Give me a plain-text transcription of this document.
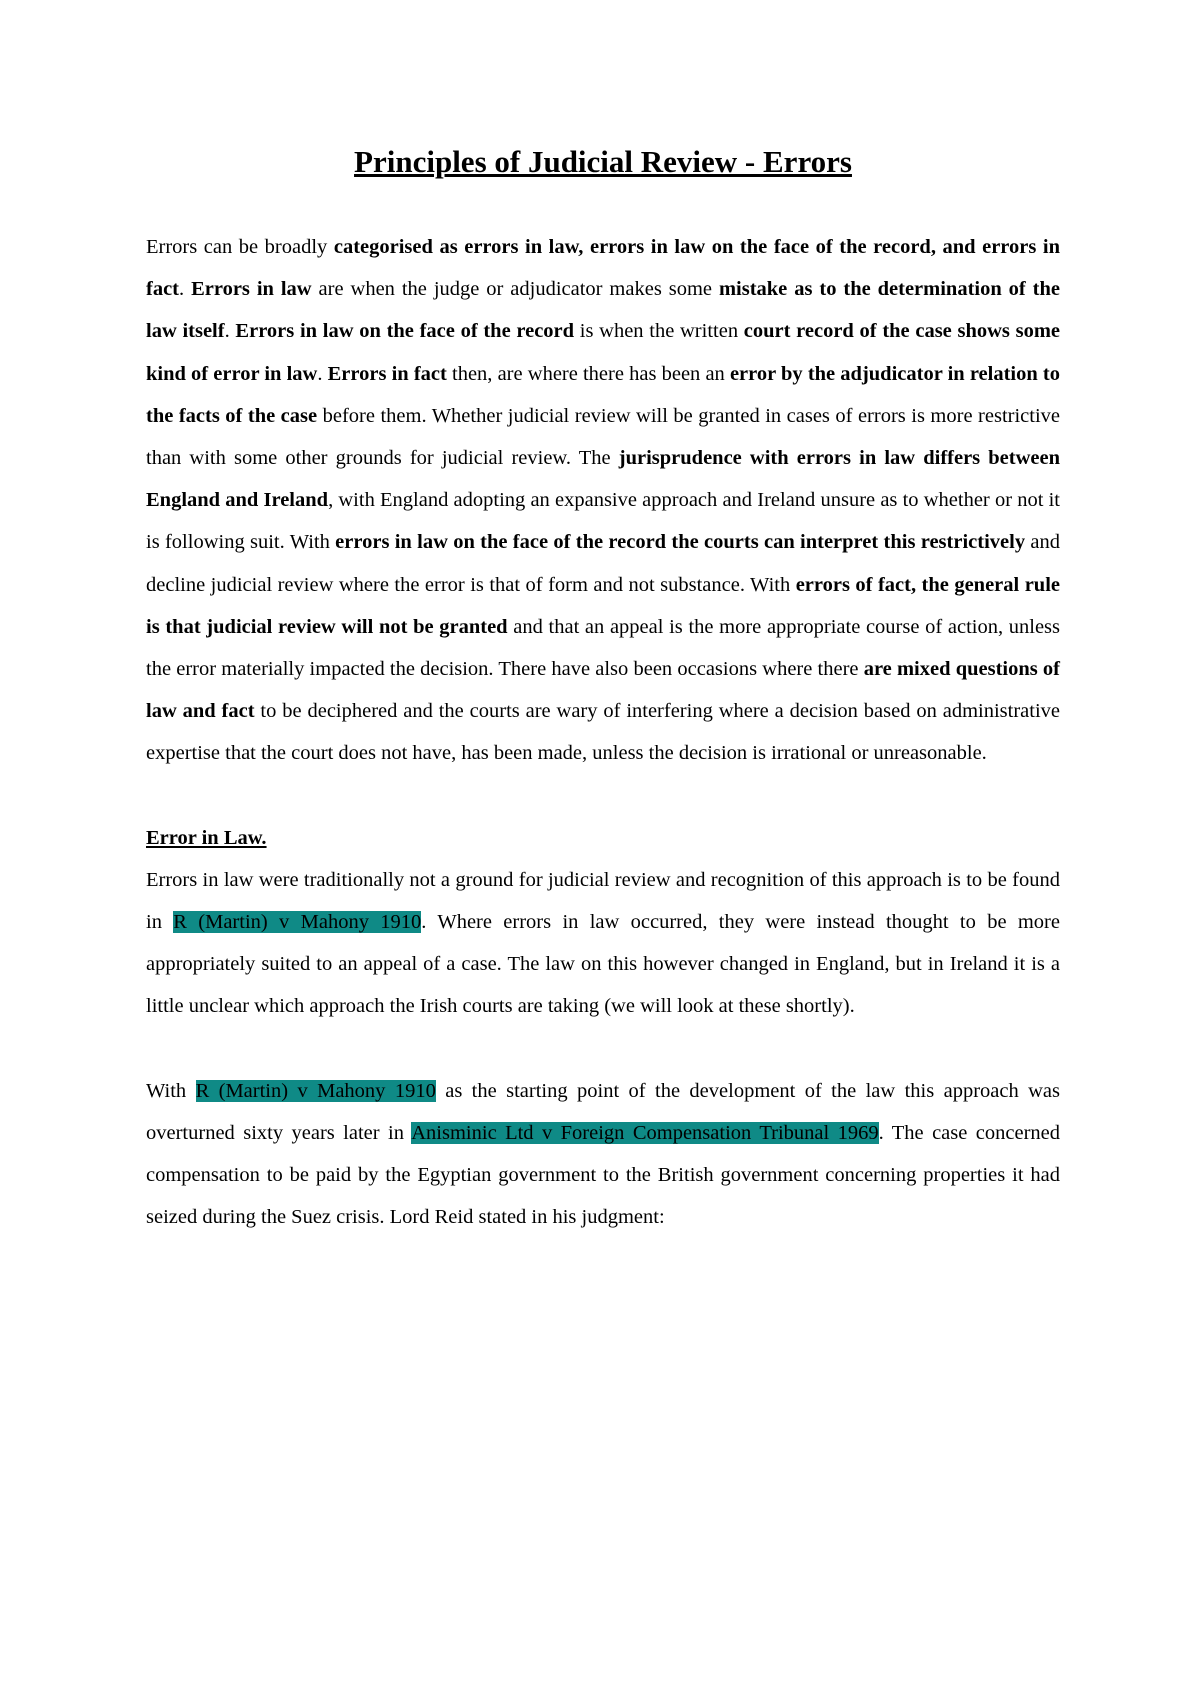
Principles of Judicial Review - Errors

Errors can be broadly categorised as errors in law, errors in law on the face of the record, and errors in fact. Errors in law are when the judge or adjudicator makes some mistake as to the determination of the law itself. Errors in law on the face of the record is when the written court record of the case shows some kind of error in law. Errors in fact then, are where there has been an error by the adjudicator in relation to the facts of the case before them. Whether judicial review will be granted in cases of errors is more restrictive than with some other grounds for judicial review. The jurisprudence with errors in law differs between England and Ireland, with England adopting an expansive approach and Ireland unsure as to whether or not it is following suit. With errors in law on the face of the record the courts can interpret this restrictively and decline judicial review where the error is that of form and not substance. With errors of fact, the general rule is that judicial review will not be granted and that an appeal is the more appropriate course of action, unless the error materially impacted the decision. There have also been occasions where there are mixed questions of law and fact to be deciphered and the courts are wary of interfering where a decision based on administrative expertise that the court does not have, has been made, unless the decision is irrational or unreasonable.

Error in Law.

Errors in law were traditionally not a ground for judicial review and recognition of this approach is to be found in R (Martin) v Mahony 1910. Where errors in law occurred, they were instead thought to be more appropriately suited to an appeal of a case. The law on this however changed in England, but in Ireland it is a little unclear which approach the Irish courts are taking (we will look at these shortly).

With R (Martin) v Mahony 1910 as the starting point of the development of the law this approach was overturned sixty years later in Anisminic Ltd v Foreign Compensation Tribunal 1969. The case concerned compensation to be paid by the Egyptian government to the British government concerning properties it had seized during the Suez crisis. Lord Reid stated in his judgment:
